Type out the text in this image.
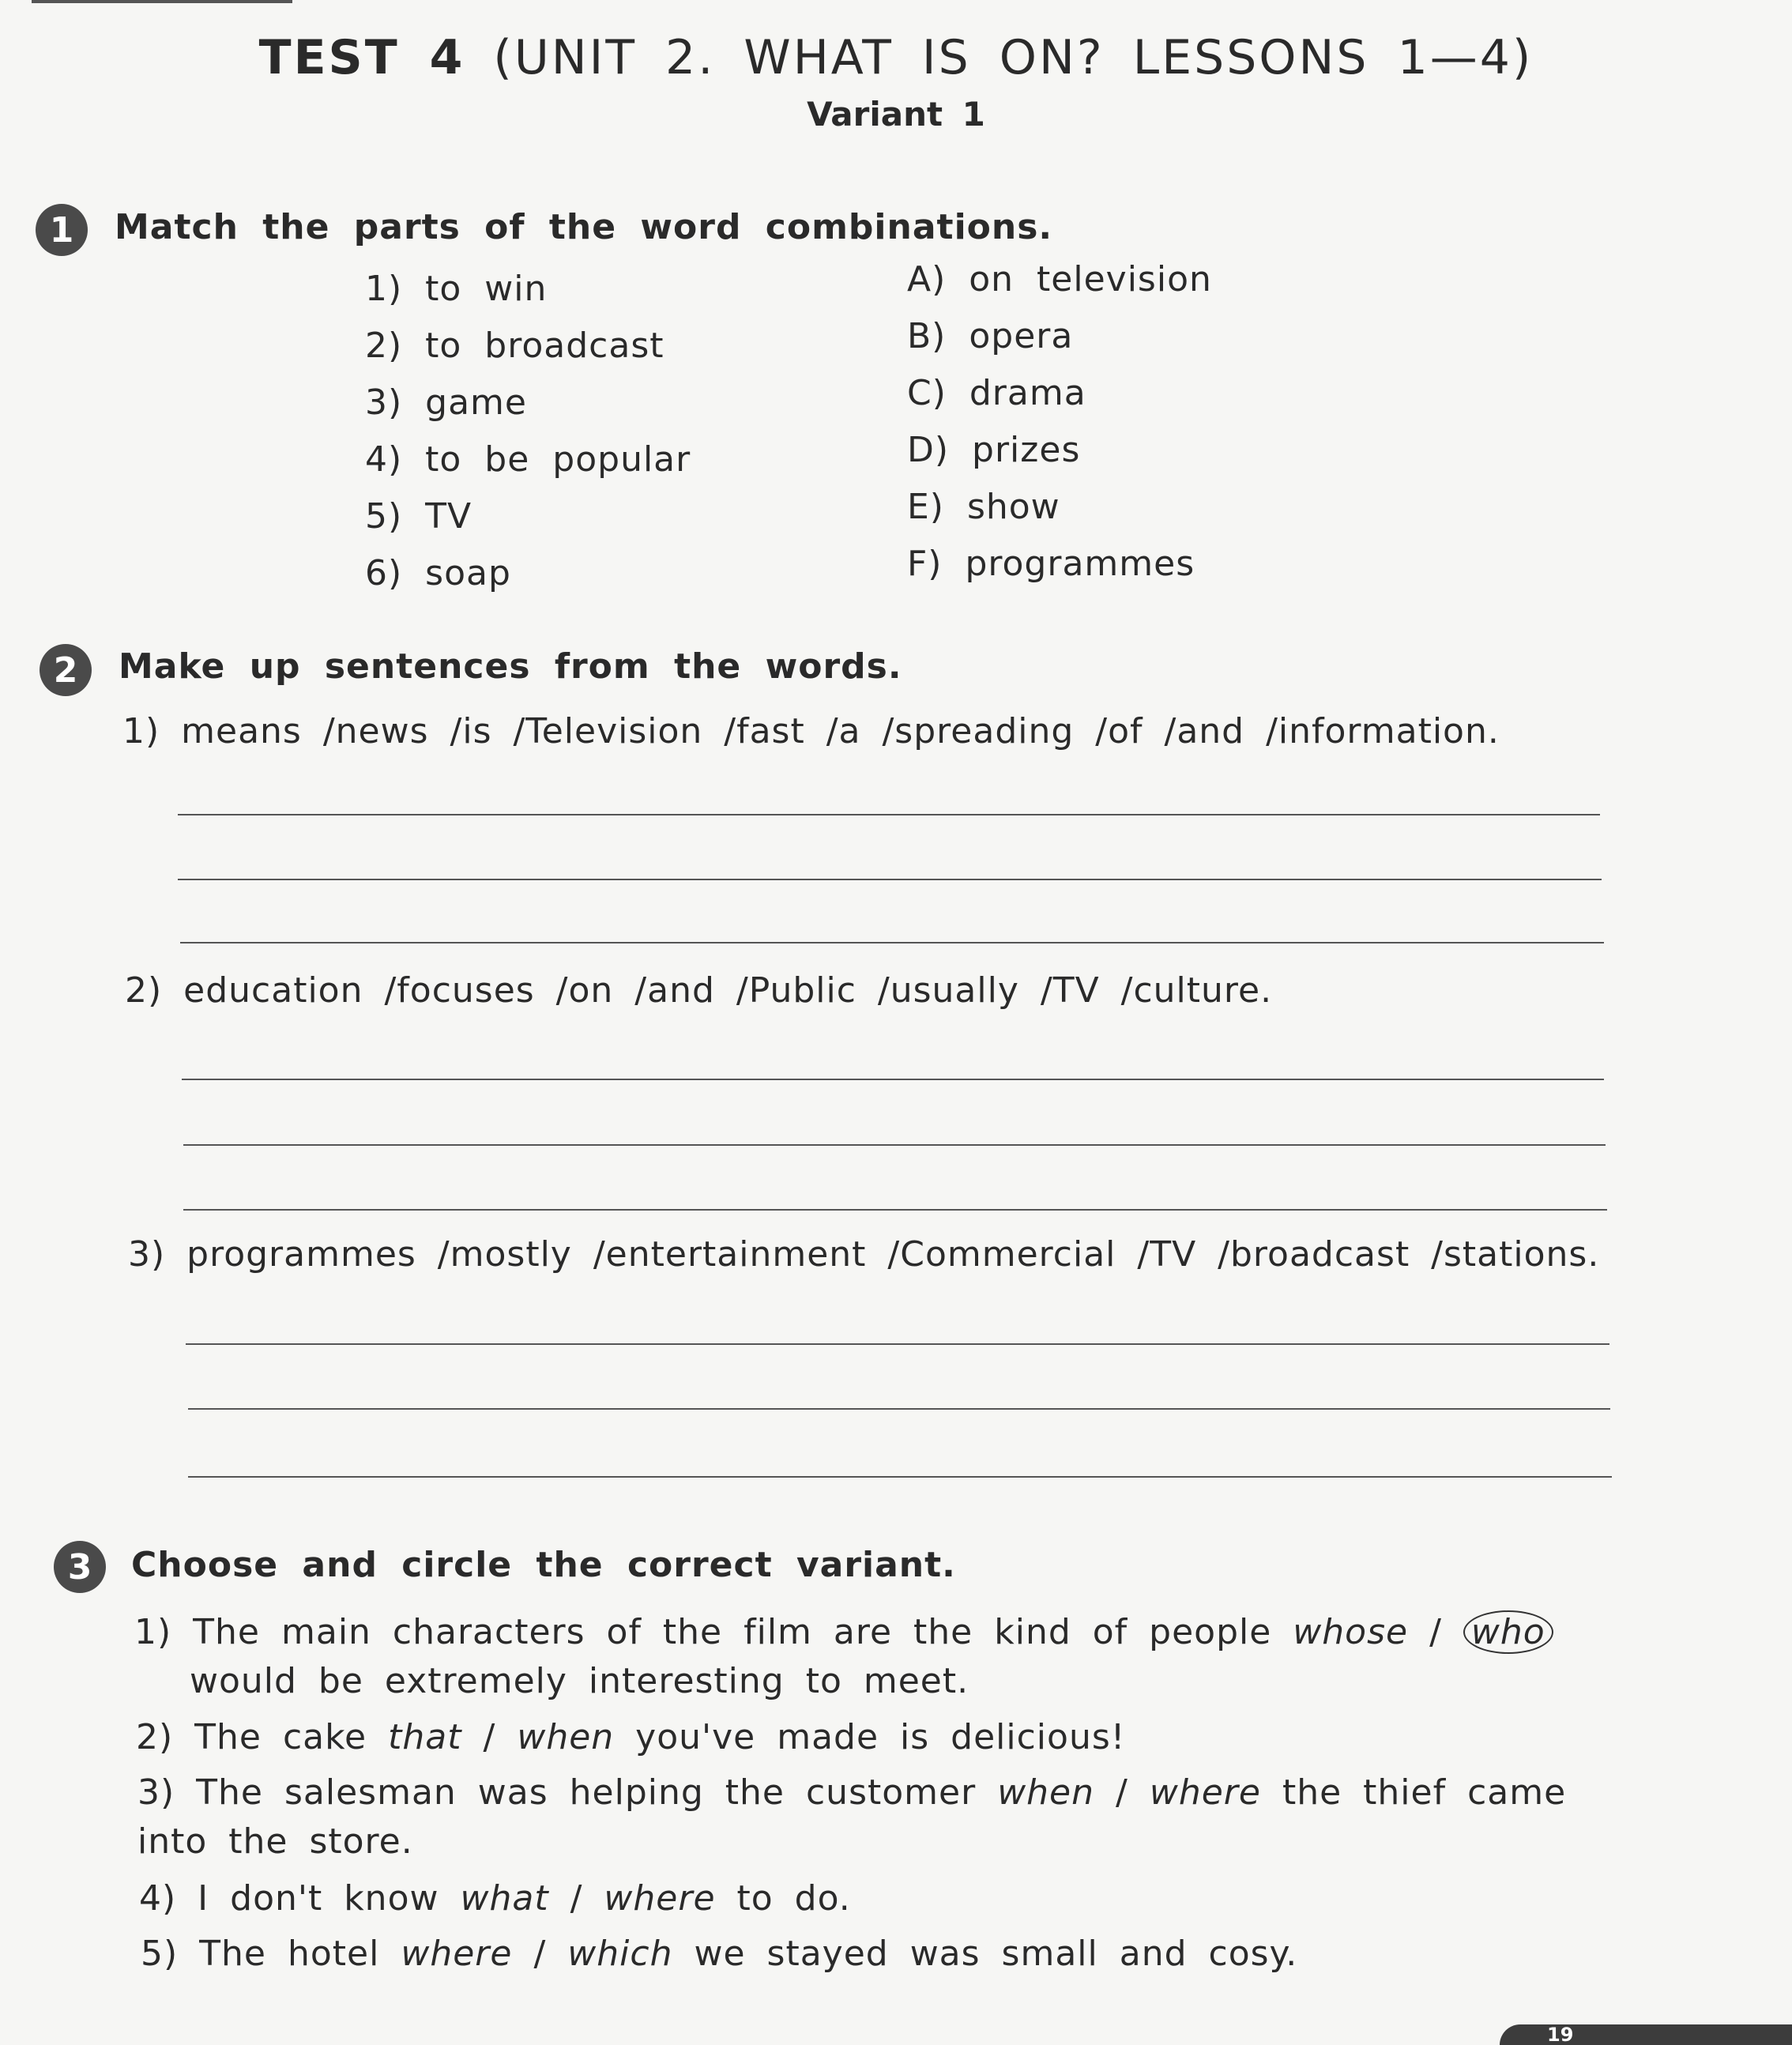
TEST 4 (UNIT 2. WHAT IS ON? LESSONS 1—4)
Variant 1
1	Match the parts of the word combinations.
1) to win
2) to broadcast
3) game
4) to be popular
5) TV
6) soap
A) on television
B) opera
C) drama
D) prizes
E) show
F) programmes
2	Make up sentences from the words.
1) means /news /is /Television /fast /a /spreading /of /and /information.
2) education /focuses /on /and /Public /usually /TV /culture.
3) programmes /mostly /entertainment /Commercial /TV /broadcast /stations.
3	Choose and circle the correct variant.
1) The main characters of the film are the kind of people whose / who
would be extremely interesting to meet.
2) The cake that / when you've made is delicious!
3) The salesman was helping the customer when / where the thief came into the store.
4) I don't know what / where to do.
5) The hotel where / which we stayed was small and cosy.
19
